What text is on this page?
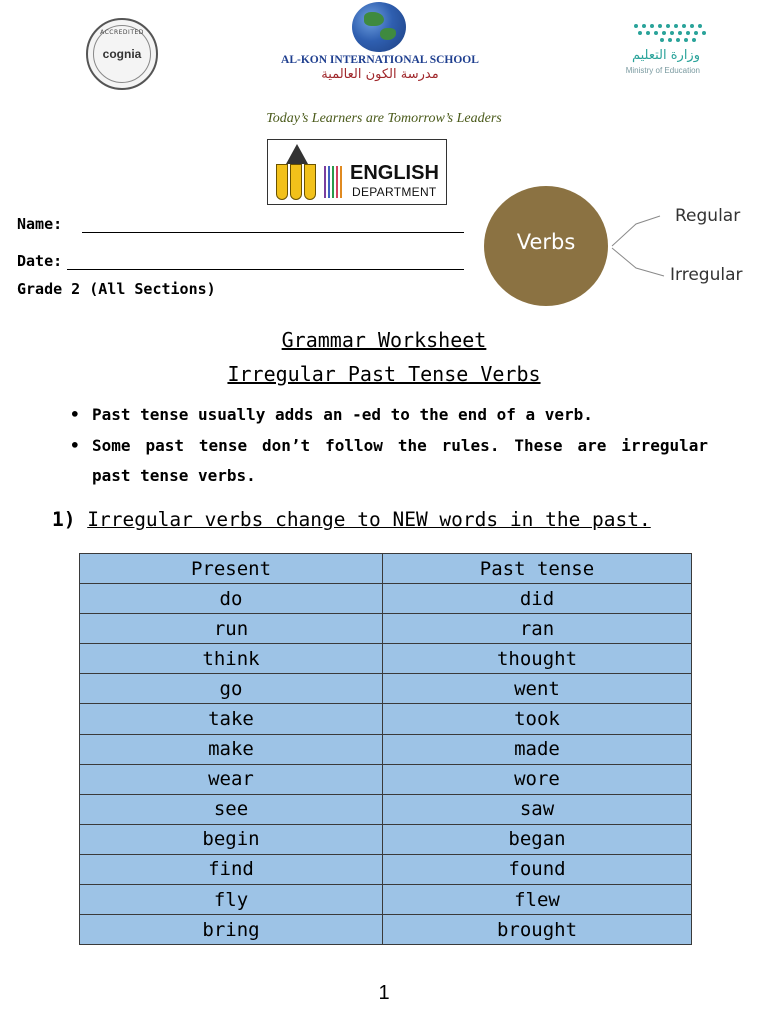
ACCREDITED
cognia	AL-KON INTERNATIONAL SCHOOL
مدرسة الكون العالمية
وزارة التعليم
Ministry of Education
Today’s Learners are Tomorrow’s Leaders
ENGLISH
DEPARTMENT
Name:
Date:
Grade 2 (All Sections)
Verbs
Regular
Irregular
Grammar Worksheet
Irregular Past Tense Verbs
• Past tense usually adds an -ed to the end of a verb.
• Some past tense don’t follow the rules. These are irregular past tense verbs.
1) Irregular verbs change to NEW words in the past.
Present	Past tense
do	did
run	ran
think	thought
go	went
take	took
make	made
wear	wore
see	saw
begin	began
find	found
fly	flew
bring	brought
1
